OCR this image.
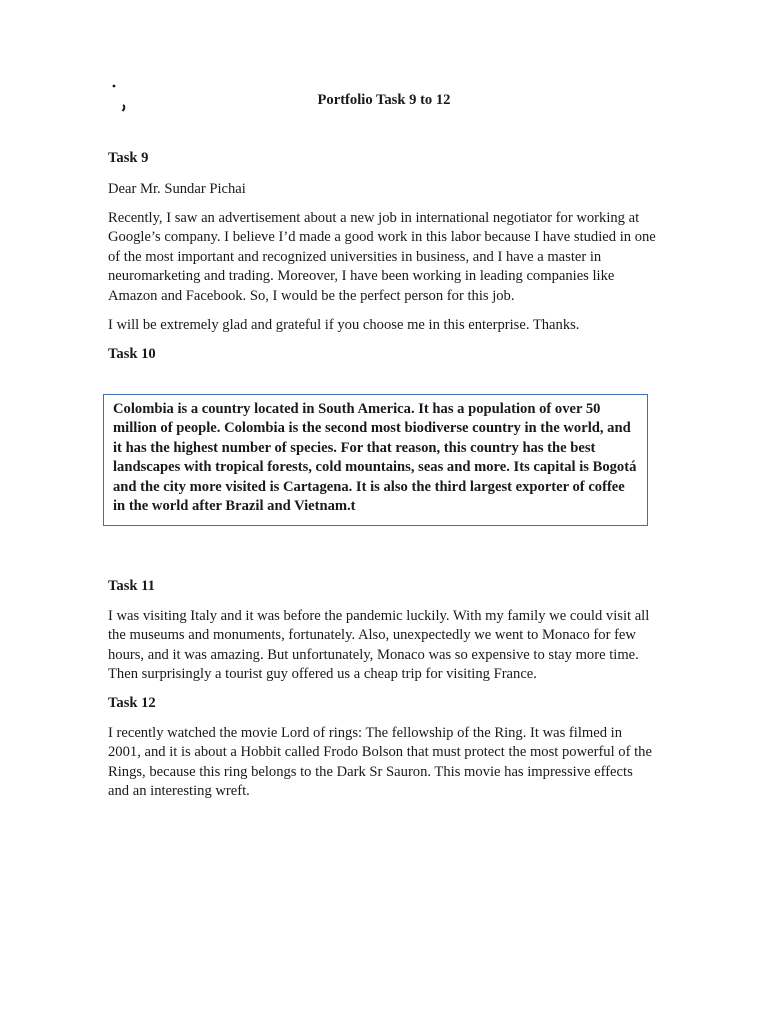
Portfolio Task 9 to 12
Task 9

Dear Mr. Sundar Pichai

Recently, I saw an advertisement about a new job in international negotiator for working at Google’s company. I believe I’d made a good work in this labor because I have studied in one of the most important and recognized universities in business, and I have a master in neuromarketing and trading. Moreover, I have been working in leading companies like Amazon and Facebook. So, I would be the perfect person for this job.

I will be extremely glad and grateful if you choose me in this enterprise. Thanks.

Task 10

Colombia is a country located in South America. It has a population of over 50 million of people. Colombia is the second most biodiverse country in the world, and it has the highest number of species. For that reason, this country has the best landscapes with tropical forests, cold mountains, seas and more. Its capital is Bogotá and the city more visited is Cartagena. It is also the third largest exporter of coffee in the world after Brazil and Vietnam.t

Task 11

I was visiting Italy and it was before the pandemic luckily. With my family we could visit all the museums and monuments, fortunately. Also, unexpectedly we went to Monaco for few hours, and it was amazing. But unfortunately, Monaco was so expensive to stay more time. Then surprisingly a tourist guy offered us a cheap trip for visiting France.

Task 12

I recently watched the movie Lord of rings: The fellowship of the Ring. It was filmed in 2001, and it is about a Hobbit called Frodo Bolson that must protect the most powerful of the Rings, because this ring belongs to the Dark Sr Sauron. This movie has impressive effects and an interesting wreft.
